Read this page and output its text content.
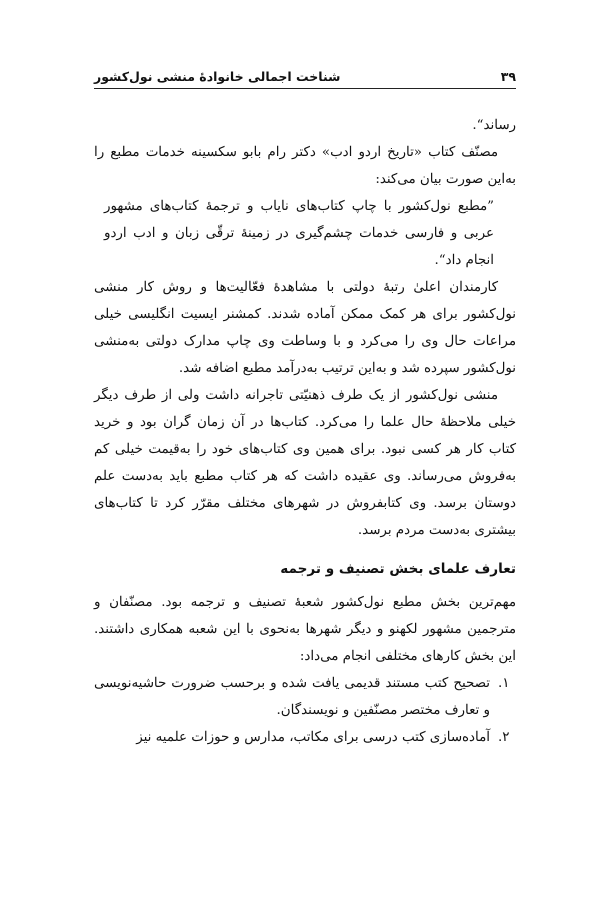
۳۹
شناخت اجمالی خانوادهٔ منشی نول‌کشور

رساند“.

مصنّف کتاب «تاریخ اردو ادب» دکتر رام بابو سکسینه خدمات مطبع را به‌این صورت بیان می‌کند:

”مطبع نول‌کشور با چاپ کتاب‌های نایاب و ترجمهٔ کتاب‌های مشهور عربی و فارسی خدمات چشم‌گیری در زمینهٔ ترقّی زبان و ادب اردو انجام داد“.

کارمندان اعلیٰ رتبهٔ دولتی با مشاهدهٔ فعّالیت‌ها و روش کار منشی نول‌کشور برای هر کمک ممکن آماده شدند. کمشنر ایسیت انگلیسی خیلی مراعات حال وی را می‌کرد و با وساطت وی چاپ مدارک دولتی به‌منشی نول‌کشور سپرده شد و به‌این ترتیب به‌درآمد مطبع اضافه شد.

منشی نول‌کشور از یک طرف ذهنیّتی تاجرانه داشت ولی از طرف دیگر خیلی ملاحظهٔ حال علما را می‌کرد. کتاب‌ها در آن زمان گران بود و خرید کتاب کار هر کسی نبود. برای همین وی کتاب‌های خود را به‌قیمت خیلی کم به‌فروش می‌رساند. وی عقیده داشت که هر کتاب مطبع باید به‌دست علم دوستان برسد. وی کتابفروش در شهرهای مختلف مقرّر کرد تا کتاب‌های بیشتری به‌دست مردم برسد.

تعارف علمای بخش تصنیف و ترجمه

مهم‌ترین بخش مطبع نول‌کشور شعبهٔ تصنیف و ترجمه بود. مصنّفان و مترجمین مشهور لکهنو و دیگر شهرها به‌نحوی با این شعبه همکاری داشتند. این بخش کارهای مختلفی انجام می‌داد:

۱.
تصحیح کتب مستند قدیمی یافت شده و برحسب ضرورت حاشیه‌نویسی و تعارف مختصر مصنّفین و نویسندگان.
۲.
آماده‌سازی کتب درسی برای مکاتب، مدارس و حوزات علمیه نیز
